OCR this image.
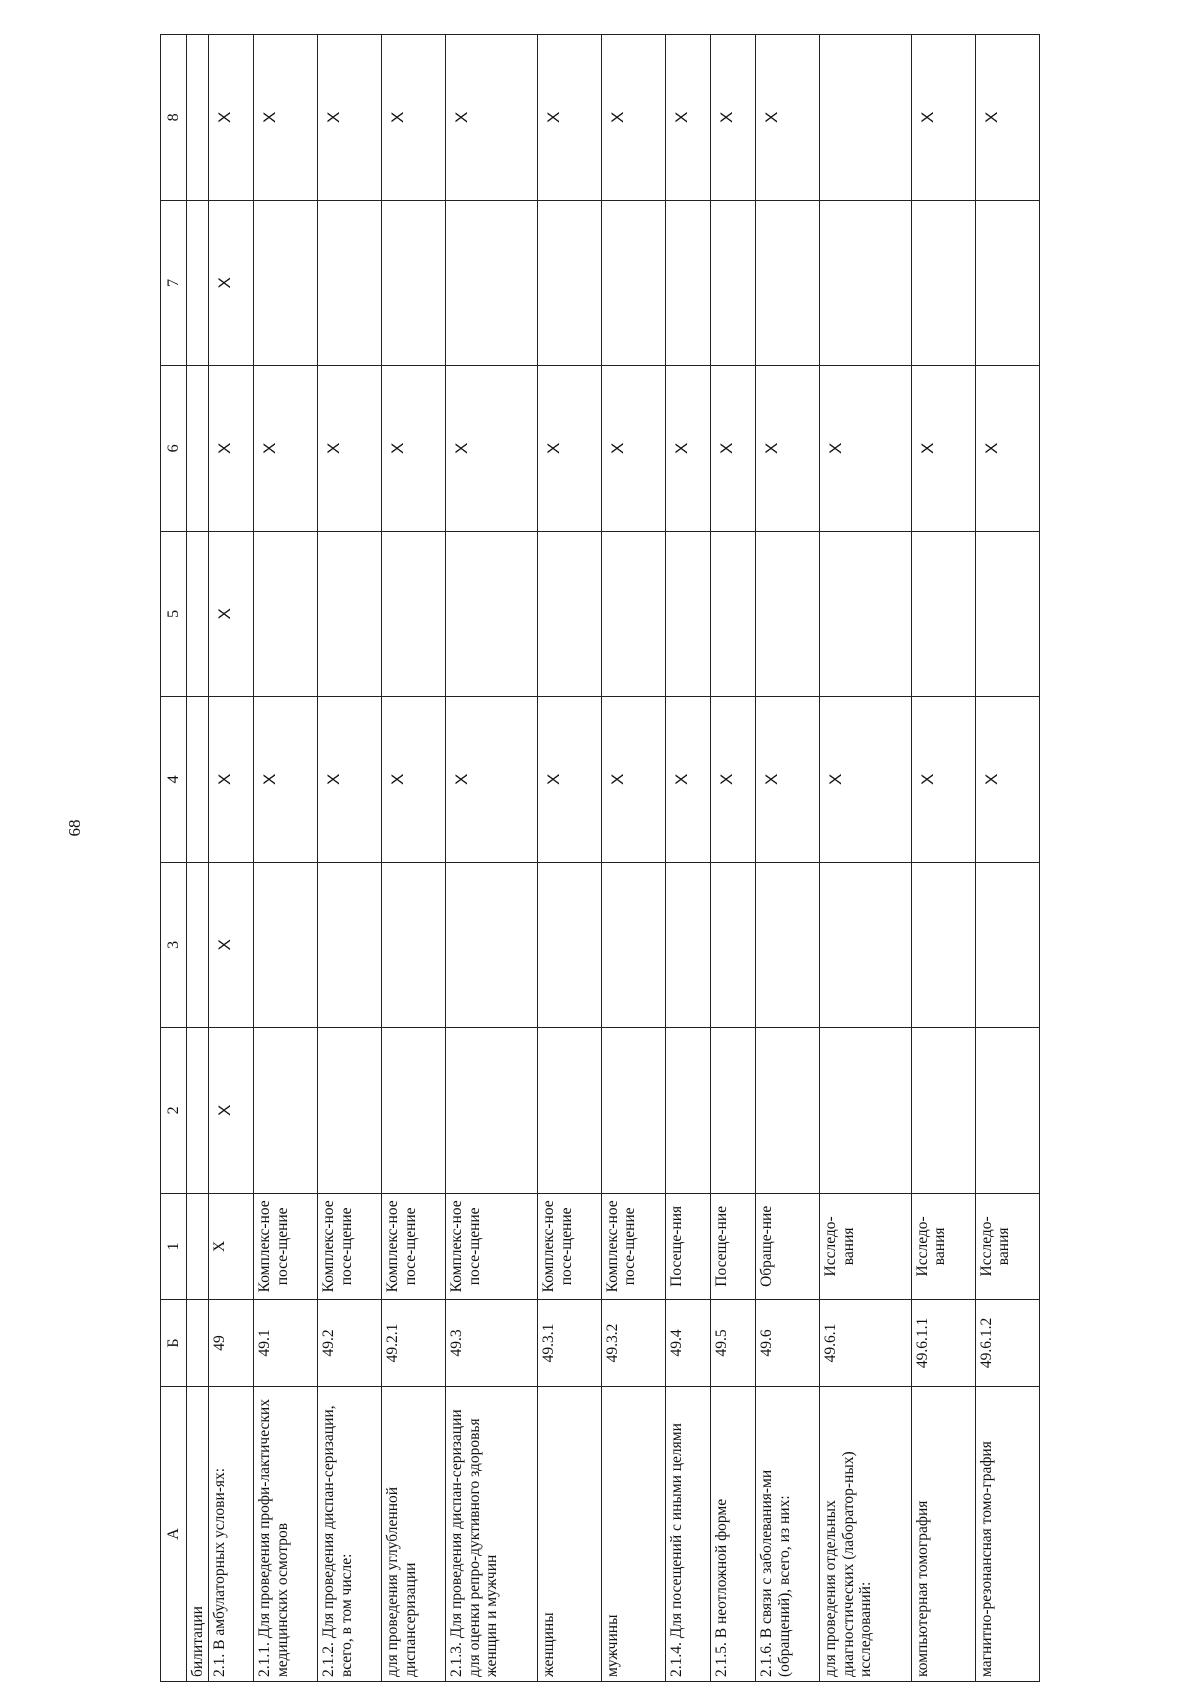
68
А	Б	1	2	3	4	5	6	7	8
билитации									
2.1. В амбулаторных услови-ях:	49	Х	Х	Х	Х	Х	Х	Х	Х
2.1.1. Для проведения профи-лактических медицинских осмотров	49.1	Комплекс-ное посе-щение			Х		Х		Х
2.1.2. Для проведения диспан-серизации, всего, в том числе:	49.2	Комплекс-ное посе-щение			Х		Х		Х
для проведения углубленной диспансеризации	49.2.1	Комплекс-ное посе-щение			Х		Х		Х
2.1.3. Для проведения диспан-серизации для оценки репро-дуктивного здоровья женщин и мужчин	49.3	Комплекс-ное посе-щение			Х		Х		Х
женщины	49.3.1	Комплекс-ное посе-щение			Х		Х		Х
мужчины	49.3.2	Комплекс-ное посе-щение			Х		Х		Х
2.1.4. Для посещений с иными целями	49.4	Посеще-ния			Х		Х		Х
2.1.5. В неотложной форме	49.5	Посеще-ние			Х		Х		Х
2.1.6. В связи с заболевания-ми (обращений), всего, из них:	49.6	Обраще-ние			Х		Х		Х
для проведения отдельных диагностических (лаборатор-ных) исследований:	49.6.1	Исследо-вания			Х		Х		
компьютерная томография	49.6.1.1	Исследо-вания			Х		Х		Х
магнитно-резонансная томо-графия	49.6.1.2	Исследо-вания			Х		Х		Х
